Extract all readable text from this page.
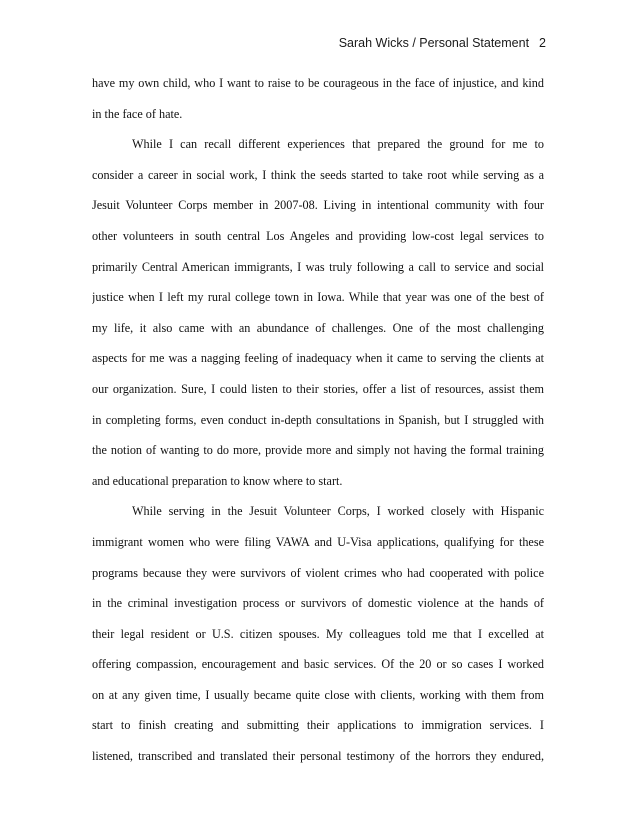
Sarah Wicks / Personal Statement 2
have my own child, who I want to raise to be courageous in the face of injustice, and kind
in the face of hate.
While I can recall different experiences that prepared the ground for me to
consider a career in social work, I think the seeds started to take root while serving as a
Jesuit Volunteer Corps member in 2007-08. Living in intentional community with four
other volunteers in south central Los Angeles and providing low-cost legal services to
primarily Central American immigrants, I was truly following a call to service and social
justice when I left my rural college town in Iowa. While that year was one of the best of
my life, it also came with an abundance of challenges. One of the most challenging
aspects for me was a nagging feeling of inadequacy when it came to serving the clients at
our organization. Sure, I could listen to their stories, offer a list of resources, assist them
in completing forms, even conduct in-depth consultations in Spanish, but I struggled with
the notion of wanting to do more, provide more and simply not having the formal training
and educational preparation to know where to start.
While serving in the Jesuit Volunteer Corps, I worked closely with Hispanic
immigrant women who were filing VAWA and U-Visa applications, qualifying for these
programs because they were survivors of violent crimes who had cooperated with police
in the criminal investigation process or survivors of domestic violence at the hands of
their legal resident or U.S. citizen spouses. My colleagues told me that I excelled at
offering compassion, encouragement and basic services. Of the 20 or so cases I worked
on at any given time, I usually became quite close with clients, working with them from
start to finish creating and submitting their applications to immigration services. I
listened, transcribed and translated their personal testimony of the horrors they endured,
